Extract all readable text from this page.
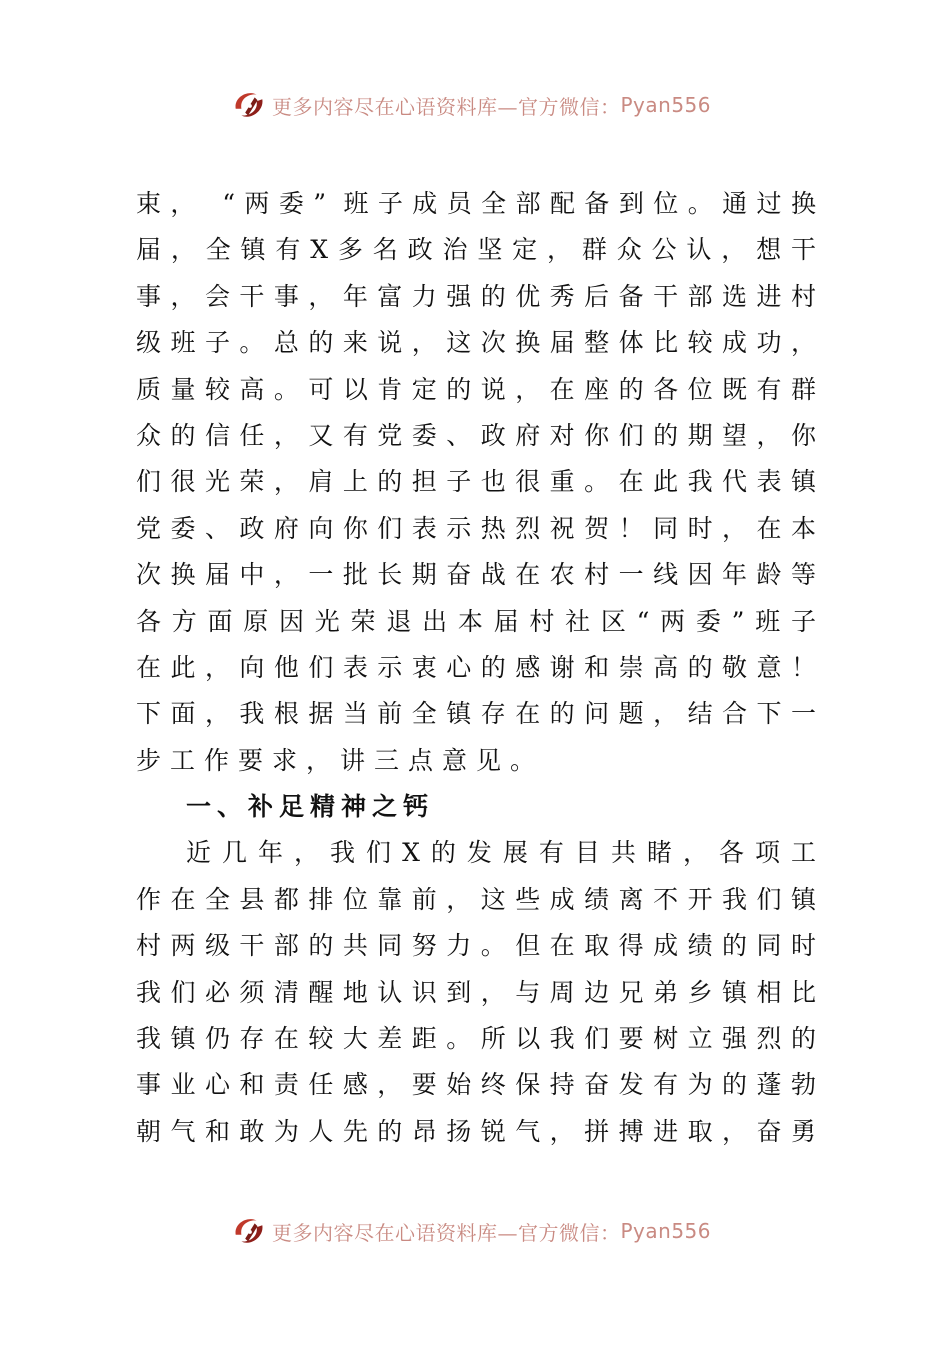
更多内容尽在心语资料库—官方微信： Pyan556
束， “两委” 班子成员全部配备到位。通过换
届，全镇有X多名政治坚定，群众公认，想干
事，会干事，年富力强的优秀后备干部选进村
级班子。总的来说，这次换届整体比较成功，
质量较高。可以肯定的说，在座的各位既有群
众的信任，又有党委、政府对你们的期望，你
们很光荣，肩上的担子也很重。在此我代表镇
党委、政府向你们表示热烈祝贺！同时，在本
次换届中，一批长期奋战在农村一线因年龄等
各方面原因光荣退出本届村社区“两委”班子
在此，向他们表示衷心的感谢和崇高的敬意！
下面，我根据当前全镇存在的问题，结合下一
步工作要求，讲三点意见。
一、补足精神之钙
近几年，我们X的发展有目共睹，各项工
作在全县都排位靠前，这些成绩离不开我们镇
村两级干部的共同努力。但在取得成绩的同时
我们必须清醒地认识到，与周边兄弟乡镇相比
我镇仍存在较大差距。所以我们要树立强烈的
事业心和责任感，要始终保持奋发有为的蓬勃
朝气和敢为人先的昂扬锐气，拼搏进取，奋勇
更多内容尽在心语资料库—官方微信： Pyan556
